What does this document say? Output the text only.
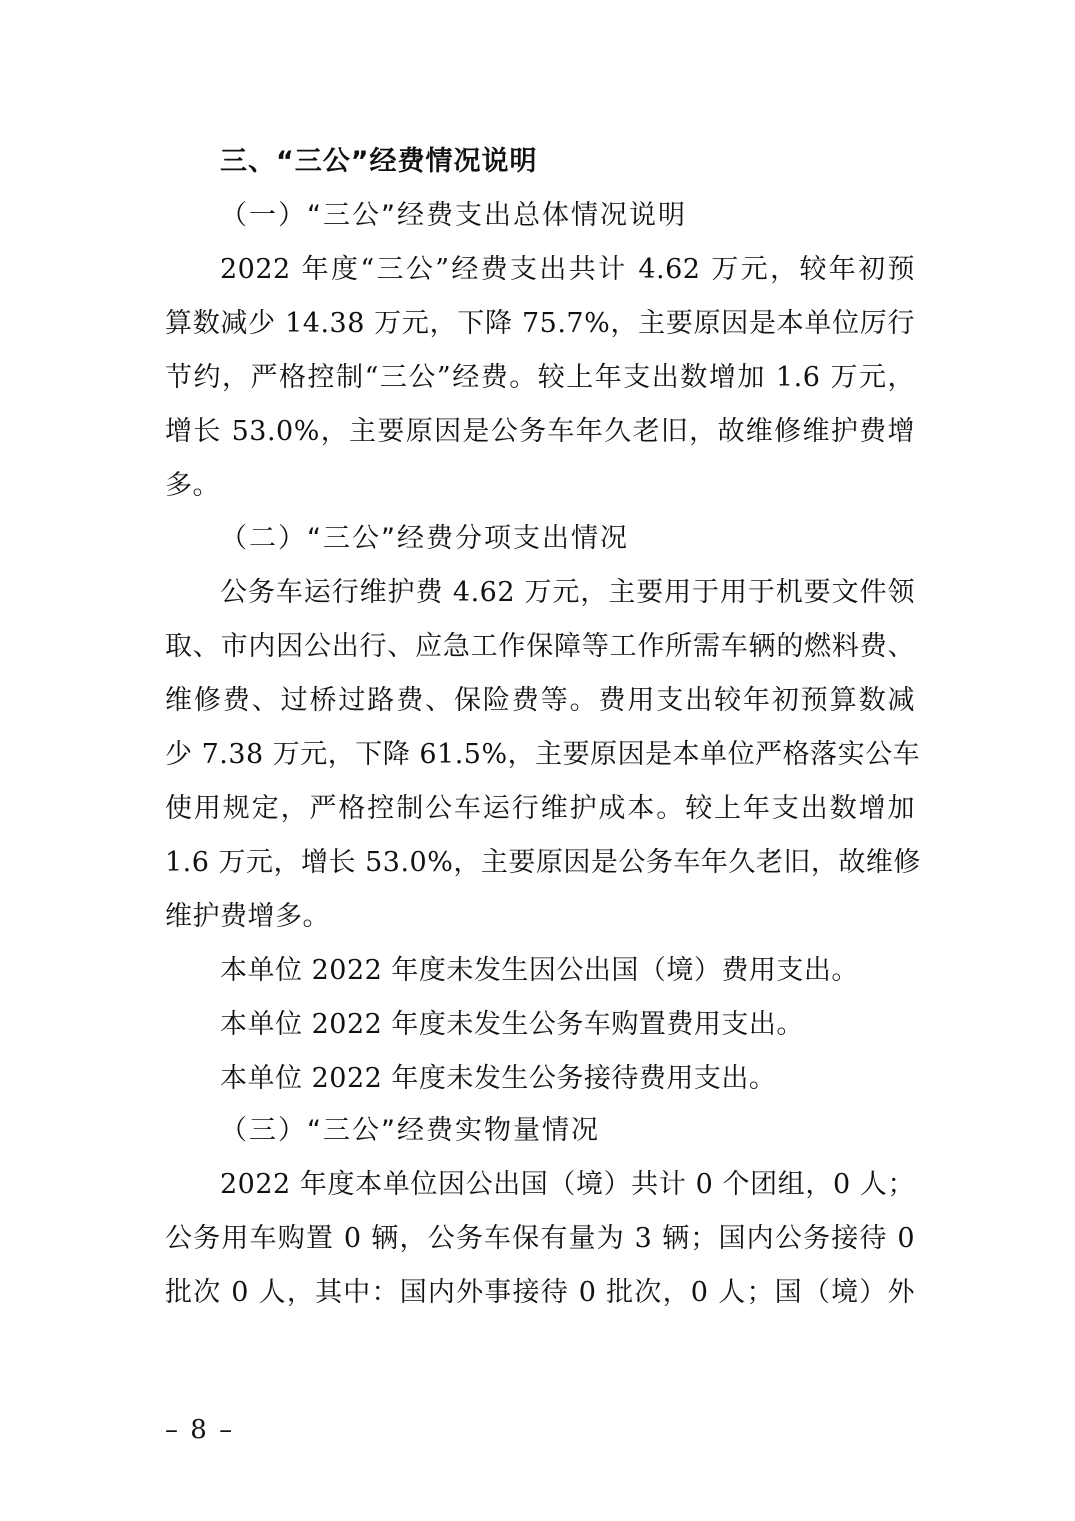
三、“三公”经费情况说明
（一）“三公”经费支出总体情况说明
2022 年度“三公”经费支出共计 4.62 万元，较年初预
算数减少 14.38 万元，下降 75.7%，主要原因是本单位厉行
节约，严格控制“三公”经费。较上年支出数增加 1.6 万元，
增长 53.0%，主要原因是公务车年久老旧，故维修维护费增
多。
（二）“三公”经费分项支出情况
公务车运行维护费 4.62 万元，主要用于用于机要文件领
取、市内因公出行、应急工作保障等工作所需车辆的燃料费、
维修费、过桥过路费、保险费等。费用支出较年初预算数减
少 7.38 万元，下降 61.5%，主要原因是本单位严格落实公车
使用规定，严格控制公车运行维护成本。较上年支出数增加
1.6 万元，增长 53.0%，主要原因是公务车年久老旧，故维修
维护费增多。
本单位 2022 年度未发生因公出国（境）费用支出。
本单位 2022 年度未发生公务车购置费用支出。
本单位 2022 年度未发生公务接待费用支出。
（三）“三公”经费实物量情况
2022 年度本单位因公出国（境）共计 0 个团组，0 人；
公务用车购置 0 辆，公务车保有量为 3 辆；国内公务接待 0
批次 0 人，其中：国内外事接待 0 批次，0 人；国（境）外
– 8 –
